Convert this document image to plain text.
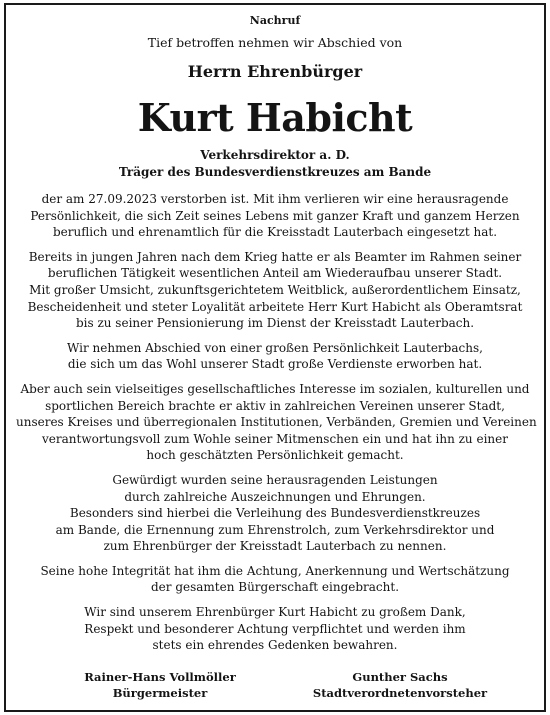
Nachruf
Tief betroffen nehmen wir Abschied von
Herrn Ehrenbürger
Kurt Habicht
Verkehrsdirektor a. D.
Träger des Bundesverdienstkreuzes am Bande
der am 27.09.2023 verstorben ist. Mit ihm verlieren wir eine herausragende
Persönlichkeit, die sich Zeit seines Lebens mit ganzer Kraft und ganzem Herzen
beruflich und ehrenamtlich für die Kreisstadt Lauterbach eingesetzt hat.
Bereits in jungen Jahren nach dem Krieg hatte er als Beamter im Rahmen seiner
beruflichen Tätigkeit wesentlichen Anteil am Wiederaufbau unserer Stadt.
Mit großer Umsicht, zukunftsgerichtetem Weitblick, außerordentlichem Einsatz,
Bescheidenheit und steter Loyalität arbeitete Herr Kurt Habicht als Oberamtsrat
bis zu seiner Pensionierung im Dienst der Kreisstadt Lauterbach.
Wir nehmen Abschied von einer großen Persönlichkeit Lauterbachs,
die sich um das Wohl unserer Stadt große Verdienste erworben hat.
Aber auch sein vielseitiges gesellschaftliches Interesse im sozialen, kulturellen und
sportlichen Bereich brachte er aktiv in zahlreichen Vereinen unserer Stadt,
unseres Kreises und überregionalen Institutionen, Verbänden, Gremien und Vereinen
verantwortungsvoll zum Wohle seiner Mitmenschen ein und hat ihn zu einer
hoch geschätzten Persönlichkeit gemacht.
Gewürdigt wurden seine herausragenden Leistungen
durch zahlreiche Auszeichnungen und Ehrungen.
Besonders sind hierbei die Verleihung des Bundesverdienstkreuzes
am Bande, die Ernennung zum Ehrenstrolch, zum Verkehrsdirektor und
zum Ehrenbürger der Kreisstadt Lauterbach zu nennen.
Seine hohe Integrität hat ihm die Achtung, Anerkennung und Wertschätzung
der gesamten Bürgerschaft eingebracht.
Wir sind unserem Ehrenbürger Kurt Habicht zu großem Dank,
Respekt und besonderer Achtung verpflichtet und werden ihm
stets ein ehrendes Gedenken bewahren.
Rainer-Hans Vollmöller
Bürgermeister
Gunther Sachs
Stadtverordnetenvorsteher
